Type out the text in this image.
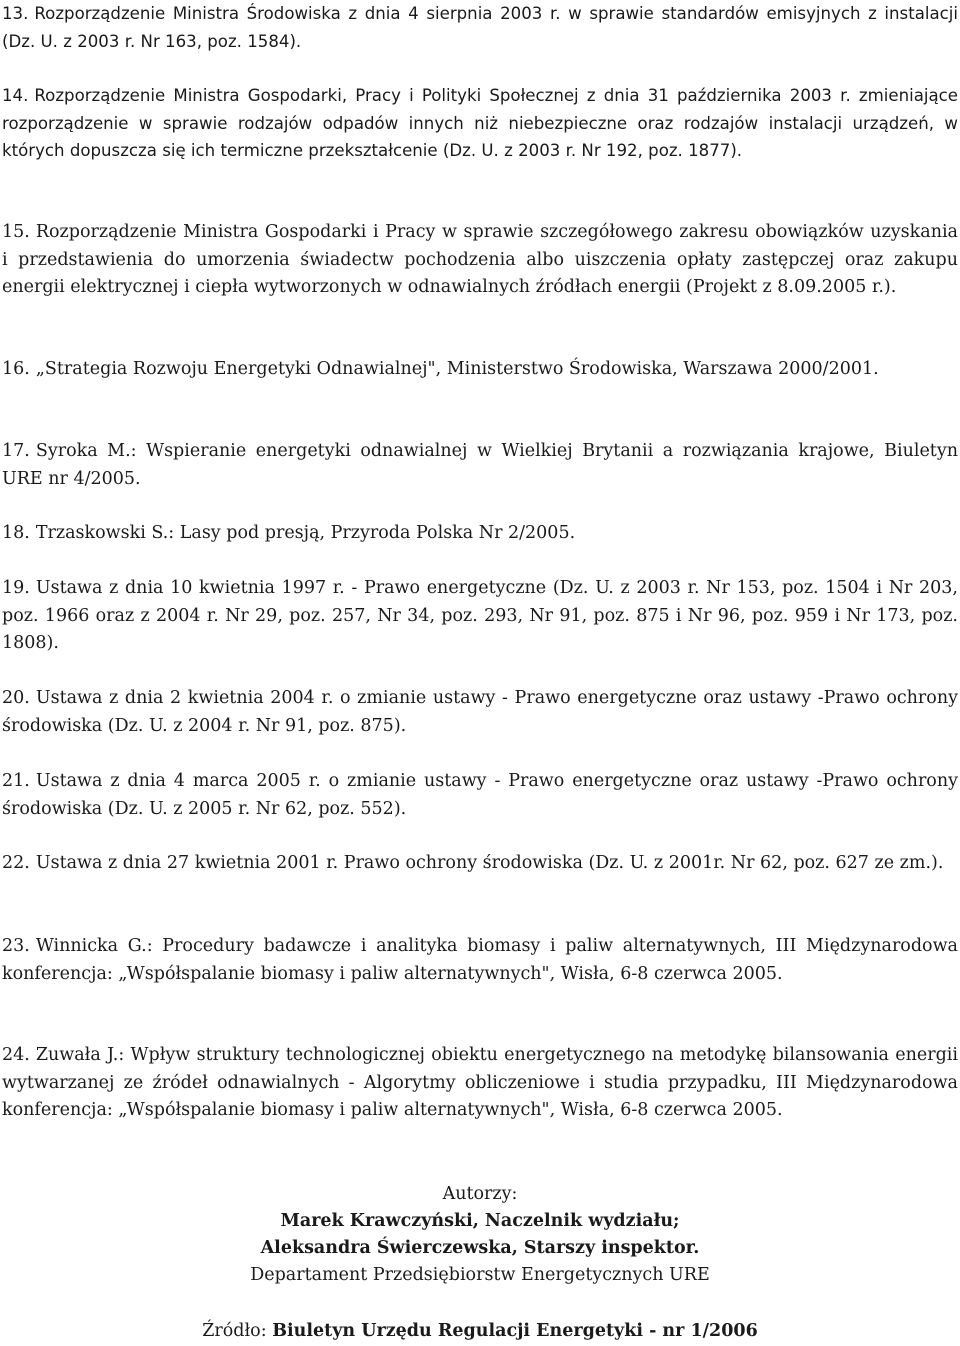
13. Rozporządzenie Ministra Środowiska z dnia 4 sierpnia 2003 r. w sprawie standardów emisyjnych z instalacji (Dz. U. z 2003 r. Nr 163, poz. 1584).

14. Rozporządzenie Ministra Gospodarki, Pracy i Polityki Społecznej z dnia 31 października 2003 r. zmieniające rozporządzenie w sprawie rodzajów odpadów innych niż niebezpieczne oraz rodzajów instalacji urządzeń, w których dopuszcza się ich termiczne przekształcenie (Dz. U. z 2003 r. Nr 192, poz. 1877).

15. Rozporządzenie Ministra Gospodarki i Pracy w sprawie szczegółowego zakresu obowiązków uzyskania i przedstawienia do umorzenia świadectw pochodzenia albo uiszczenia opłaty zastępczej oraz zakupu energii elektrycznej i ciepła wytworzonych w odnawialnych źródłach energii (Projekt z 8.09.2005 r.).

16. „Strategia Rozwoju Energetyki Odnawialnej", Ministerstwo Środowiska, Warszawa 2000/2001.

17. Syroka M.: Wspieranie energetyki odnawialnej w Wielkiej Brytanii a rozwiązania krajowe, Biuletyn URE nr 4/2005.

18. Trzaskowski S.: Lasy pod presją, Przyroda Polska Nr 2/2005.

19. Ustawa z dnia 10 kwietnia 1997 r. - Prawo energetyczne (Dz. U. z 2003 r. Nr 153, poz. 1504 i Nr 203, poz. 1966 oraz z 2004 r. Nr 29, poz. 257, Nr 34, poz. 293, Nr 91, poz. 875 i Nr 96, poz. 959 i Nr 173, poz. 1808).

20. Ustawa z dnia 2 kwietnia 2004 r. o zmianie ustawy - Prawo energetyczne oraz ustawy -Prawo ochrony środowiska (Dz. U. z 2004 r. Nr 91, poz. 875).

21. Ustawa z dnia 4 marca 2005 r. o zmianie ustawy - Prawo energetyczne oraz ustawy -Prawo ochrony środowiska (Dz. U. z 2005 r. Nr 62, poz. 552).

22. Ustawa z dnia 27 kwietnia 2001 r. Prawo ochrony środowiska (Dz. U. z 2001r. Nr 62, poz. 627 ze zm.).

23. Winnicka G.: Procedury badawcze i analityka biomasy i paliw alternatywnych, III Międzynarodowa konferencja: „Współspalanie biomasy i paliw alternatywnych", Wisła, 6-8 czerwca 2005.

24. Zuwała J.: Wpływ struktury technologicznej obiektu energetycznego na metodykę bilansowania energii wytwarzanej ze źródeł odnawialnych - Algorytmy obliczeniowe i studia przypadku, III Międzynarodowa konferencja: „Współspalanie biomasy i paliw alternatywnych", Wisła, 6-8 czerwca 2005.

Autorzy:
Marek Krawczyński, Naczelnik wydziału;
Aleksandra Świerczewska, Starszy inspektor.
Departament Przedsiębiorstw Energetycznych URE
Źródło: Biuletyn Urzędu Regulacji Energetyki - nr 1/2006
